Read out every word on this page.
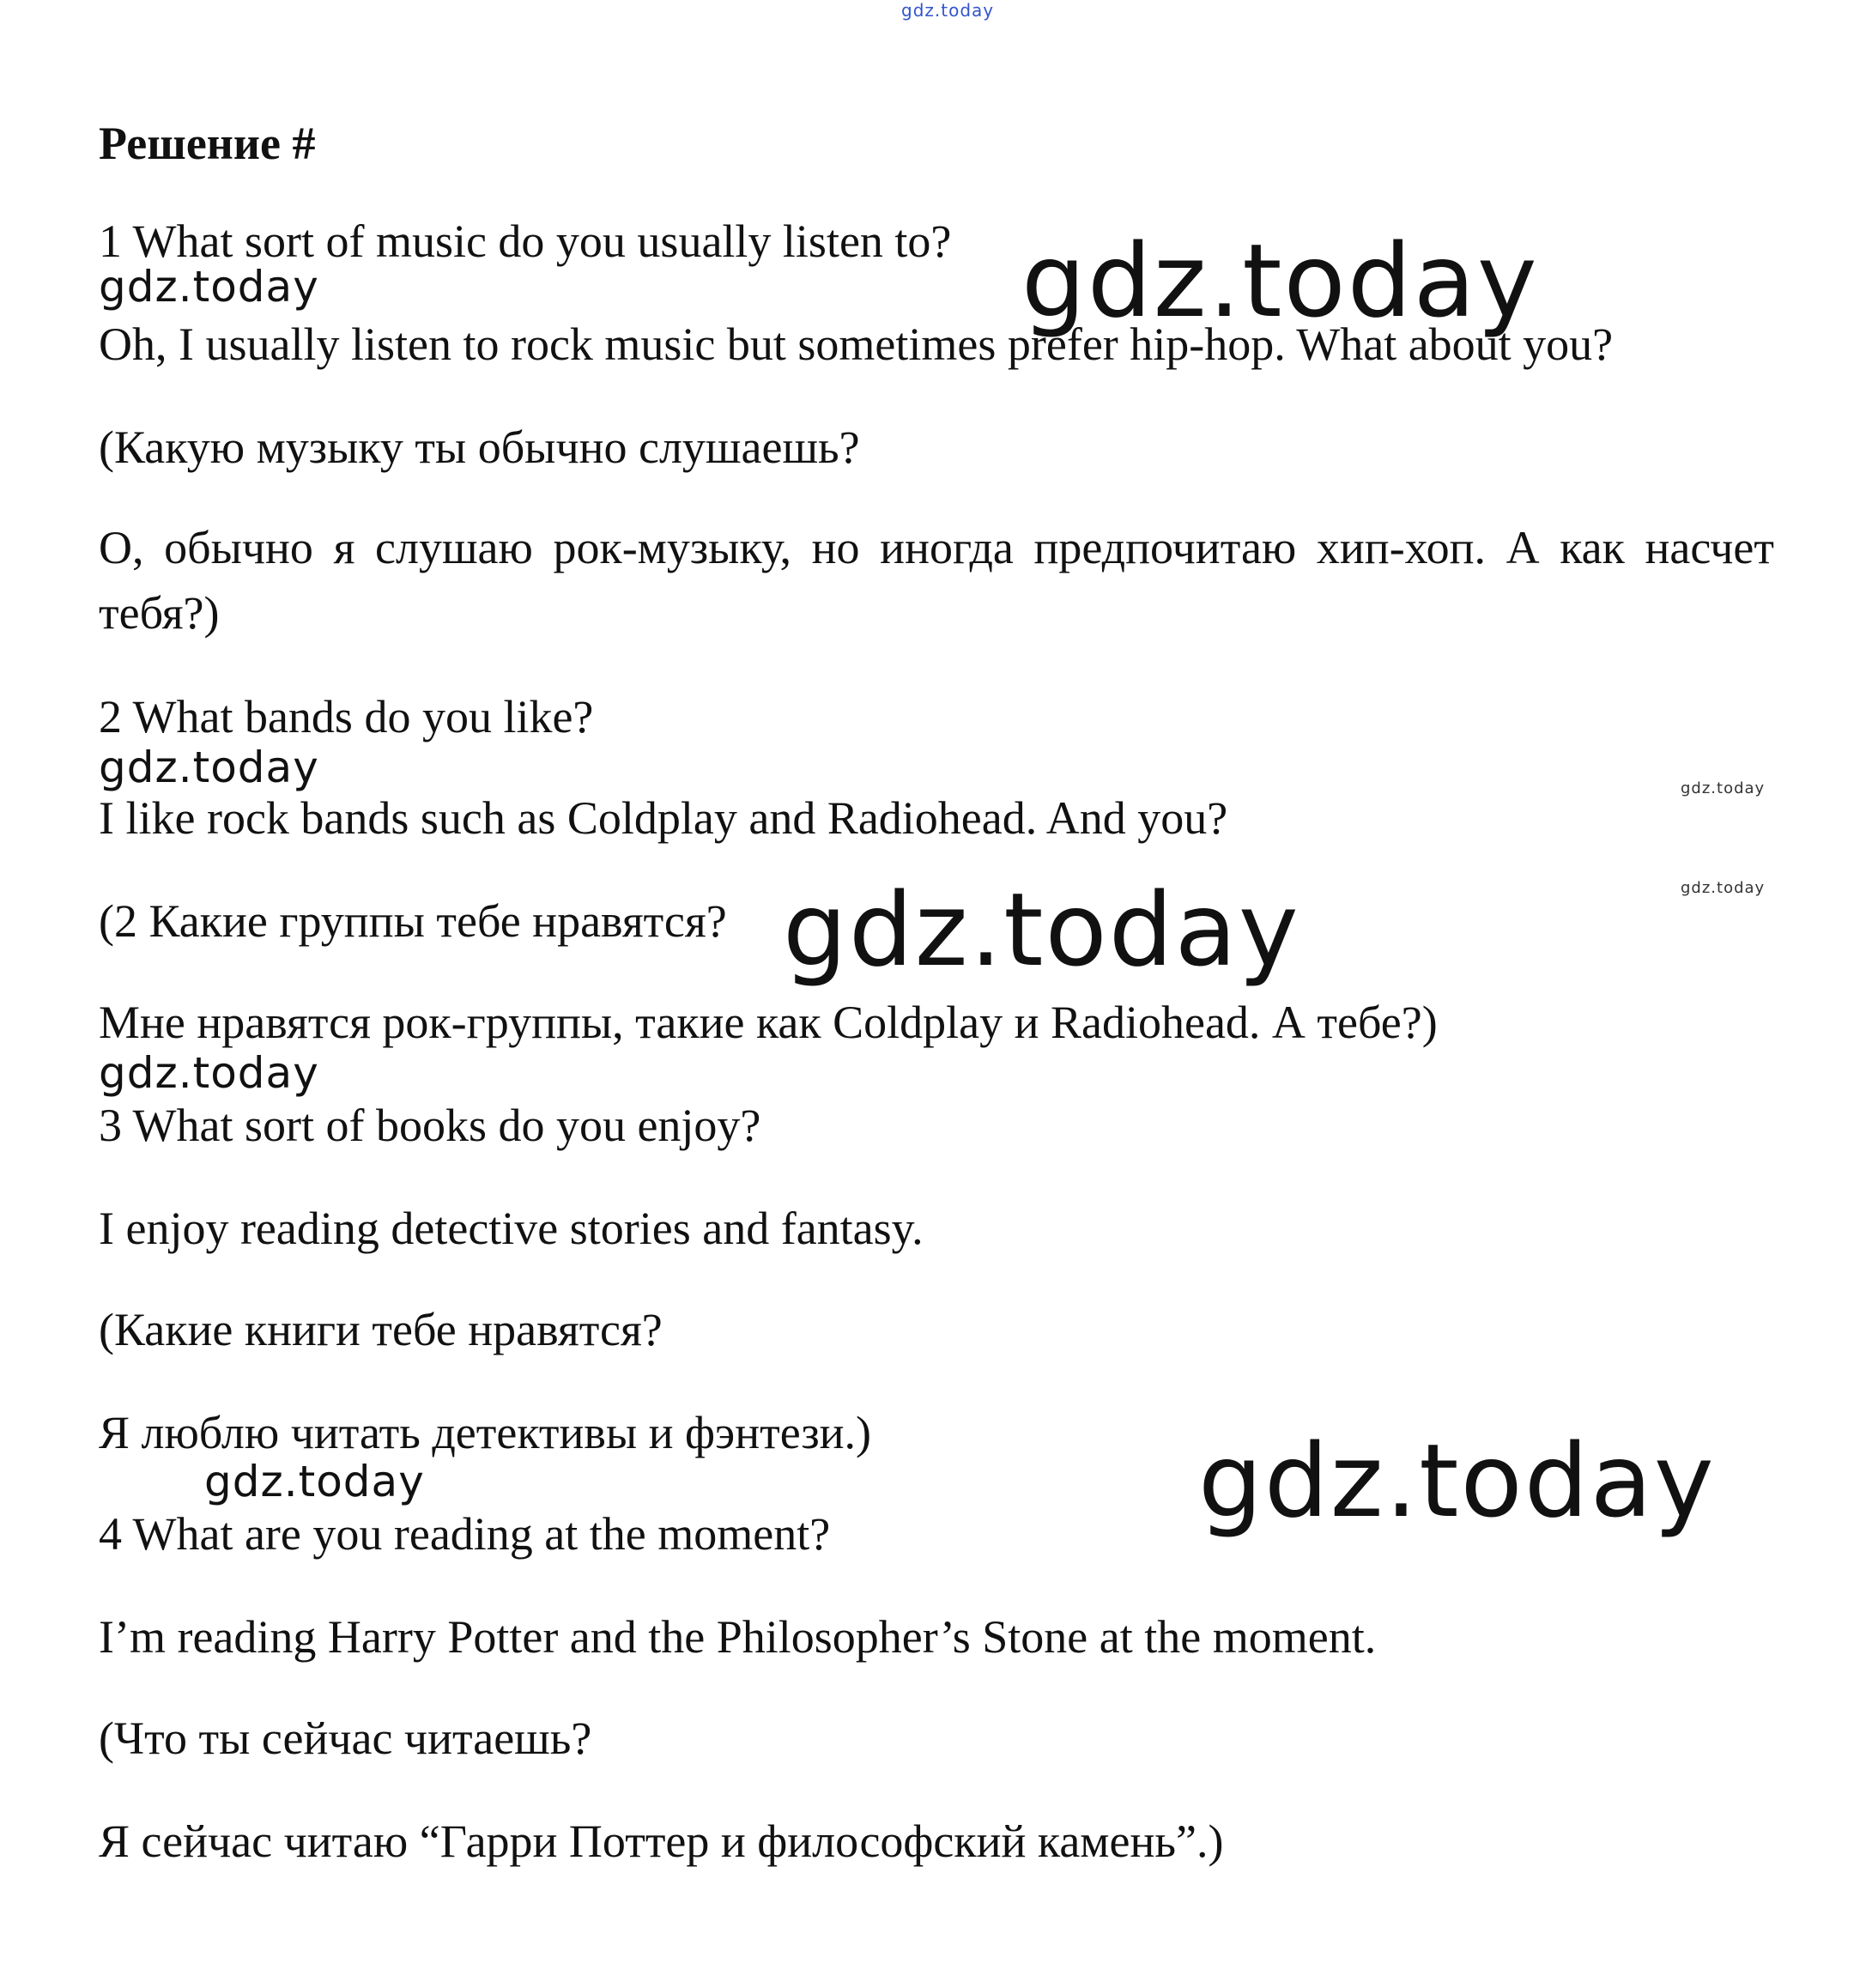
gdz.today
Решение #
1 What sort of music do you usually listen to?
gdz.today	gdz.today
Oh, I usually listen to rock music but sometimes prefer hip-hop. What about you?
(Какую музыку ты обычно слушаешь?
О, обычно я слушаю рок-музыку, но иногда предпочитаю хип-хоп. А как насчет тебя?)
2 What bands do you like?
gdz.today	gdz.today
I like rock bands such as Coldplay and Radiohead. And you?
gdz.today
(2 Какие группы тебе нравятся? gdz.today
Мне нравятся рок-группы, такие как Coldplay и Radiohead. А тебе?)
gdz.today
3 What sort of books do you enjoy?
I enjoy reading detective stories and fantasy.
(Какие книги тебе нравятся?
Я люблю читать детективы и фэнтези.)
gdz.today	gdz.today
4 What are you reading at the moment?
I’m reading Harry Potter and the Philosopher’s Stone at the moment.
(Что ты сейчас читаешь?
Я сейчас читаю “Гарри Поттер и философский камень”.)
